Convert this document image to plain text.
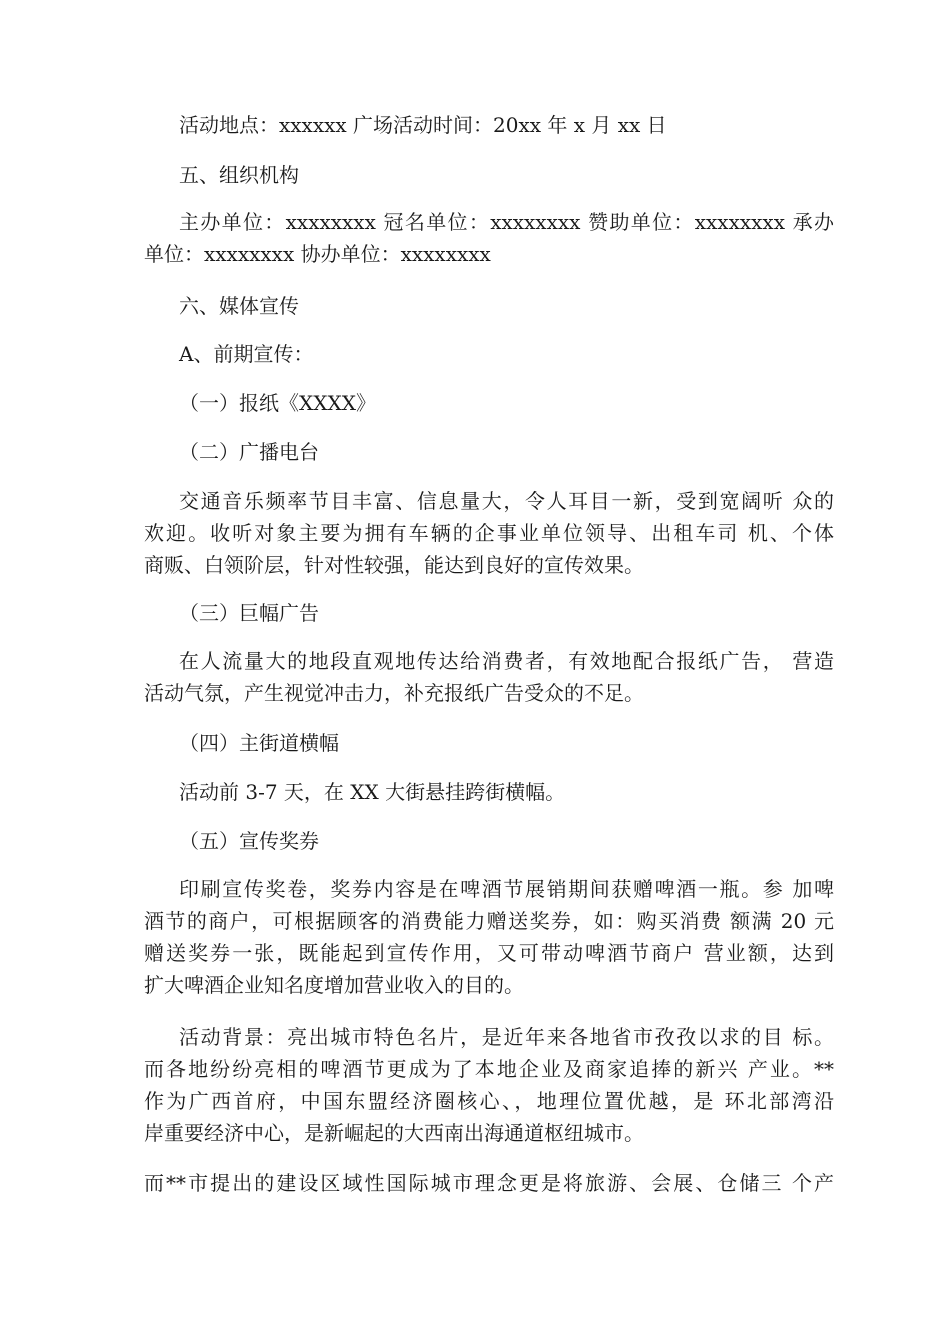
活动地点：xxxxxx 广场活动时间：20xx 年 x 月 xx 日

五、组织机构

主办单位：xxxxxxxx 冠名单位：xxxxxxxx 赞助单位：xxxxxxxx 承办
单位：xxxxxxxx 协办单位：xxxxxxxx

六、媒体宣传

A、前期宣传：

（一）报纸《XXXX》

（二）广播电台

交通音乐频率节目丰富、信息量大，令人耳目一新，受到宽阔听 众的
欢迎。收听对象主要为拥有车辆的企事业单位领导、出租车司 机、个体
商贩、白领阶层，针对性较强，能达到良好的宣传效果。

（三）巨幅广告

在人流量大的地段直观地传达给消费者，有效地配合报纸广告， 营造
活动气氛，产生视觉冲击力，补充报纸广告受众的不足。

（四）主街道横幅

活动前 3-7 天，在 XX 大街悬挂跨街横幅。

（五）宣传奖券

印刷宣传奖卷，奖券内容是在啤酒节展销期间获赠啤酒一瓶。参 加啤
酒节的商户，可根据顾客的消费能力赠送奖券，如：购买消费 额满 20 元
赠送奖券一张，既能起到宣传作用，又可带动啤酒节商户 营业额，达到
扩大啤酒企业知名度增加营业收入的目的。

活动背景：亮出城市特色名片，是近年来各地省市孜孜以求的目 标。
而各地纷纷亮相的啤酒节更成为了本地企业及商家追捧的新兴 产业。**
作为广西首府，中国东盟经济圈核心、，地理位置优越，是 环北部湾沿
岸重要经济中心，是新崛起的大西南出海通道枢纽城市。

而**市提出的建设区域性国际城市理念更是将旅游、会展、仓储三 个产
